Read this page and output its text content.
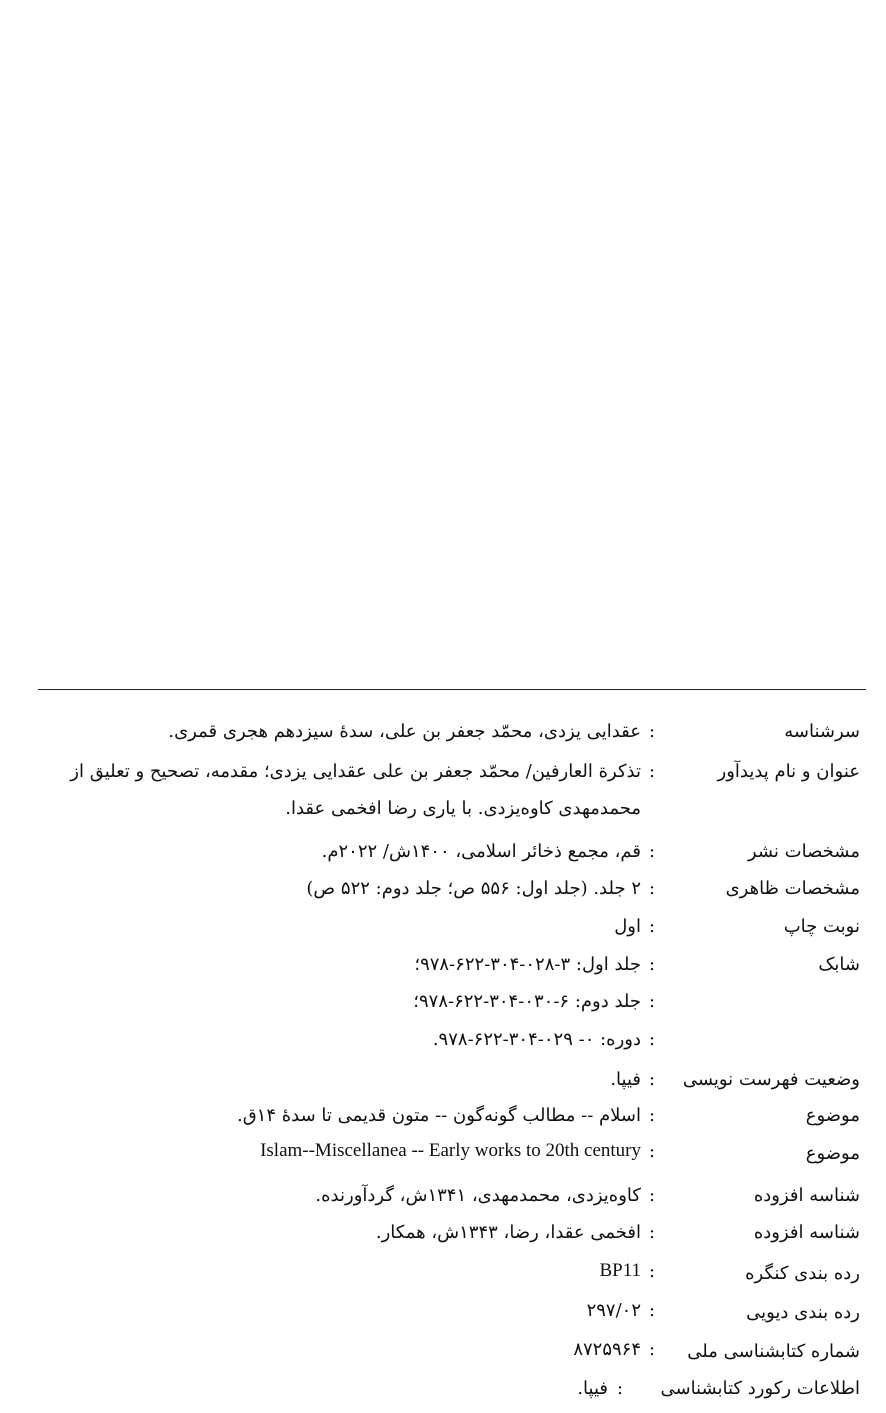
سرشناسه
:
عقدایی یزدی، محمّد جعفر بن علی، سدهٔ سیزدهم هجری قمری.
عنوان و نام پدیدآور
:
تذکرة العارفین/ محمّد جعفر بن علی عقدایی یزدی؛ مقدمه، تصحیح و تعلیق از
محمدمهدی کاوه‌یزدی. با یاری رضا افخمی عقدا.
مشخصات نشر
:
قم، مجمع ذخائر اسلامی، ۱۴۰۰ش/ ۲۰۲۲م.
مشخصات ظاهری
:
۲ جلد. (جلد اول: ۵۵۶ ص؛ جلد دوم: ۵۲۲ ص)
نوبت چاپ
:
اول
شابک
:
جلد اول: ۳-۰۲۸-۳۰۴-۶۲۲-۹۷۸؛
:
جلد دوم: ۶-۰۳۰-۳۰۴-۶۲۲-۹۷۸؛
:
دوره: ۰- ۰۲۹-۳۰۴-۶۲۲-۹۷۸.
وضعیت فهرست نویسی
:
فیپا.
موضوع
:
اسلام -- مطالب گونه‌گون -- متون قدیمی تا سدهٔ ۱۴ق.
موضوع
:
Islam--Miscellanea -- Early works to 20th century
شناسه افزوده
:
کاوه‌یزدی، محمدمهدی، ۱۳۴۱ش، گردآورنده.
شناسه افزوده
:
افخمی عقدا، رضا، ۱۳۴۳ش، همکار.
رده بندی کنگره
:
BP11
رده بندی دیویی
:
۲۹۷/۰۲
شماره کتابشناسی ملی
:
۸۷۲۵۹۶۴
اطلاعات رکورد کتابشناسی
:
فیپا.
